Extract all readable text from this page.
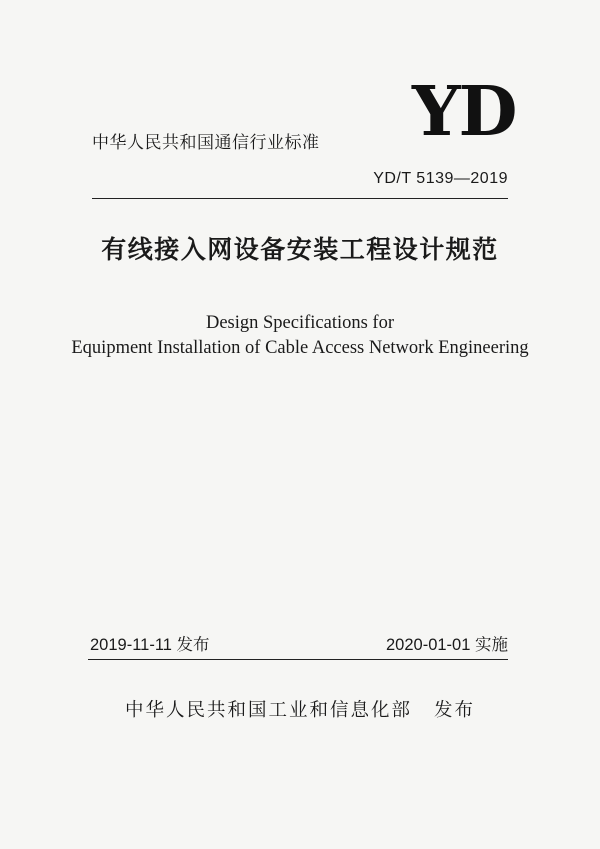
中华人民共和国通信行业标准 YD
YD/T 5139—2019
有线接入网设备安装工程设计规范
Design Specifications for
Equipment Installation of Cable Access Network Engineering
2019-11-11 发布	2020-01-01 实施
中华人民共和国工业和信息化部 发布
